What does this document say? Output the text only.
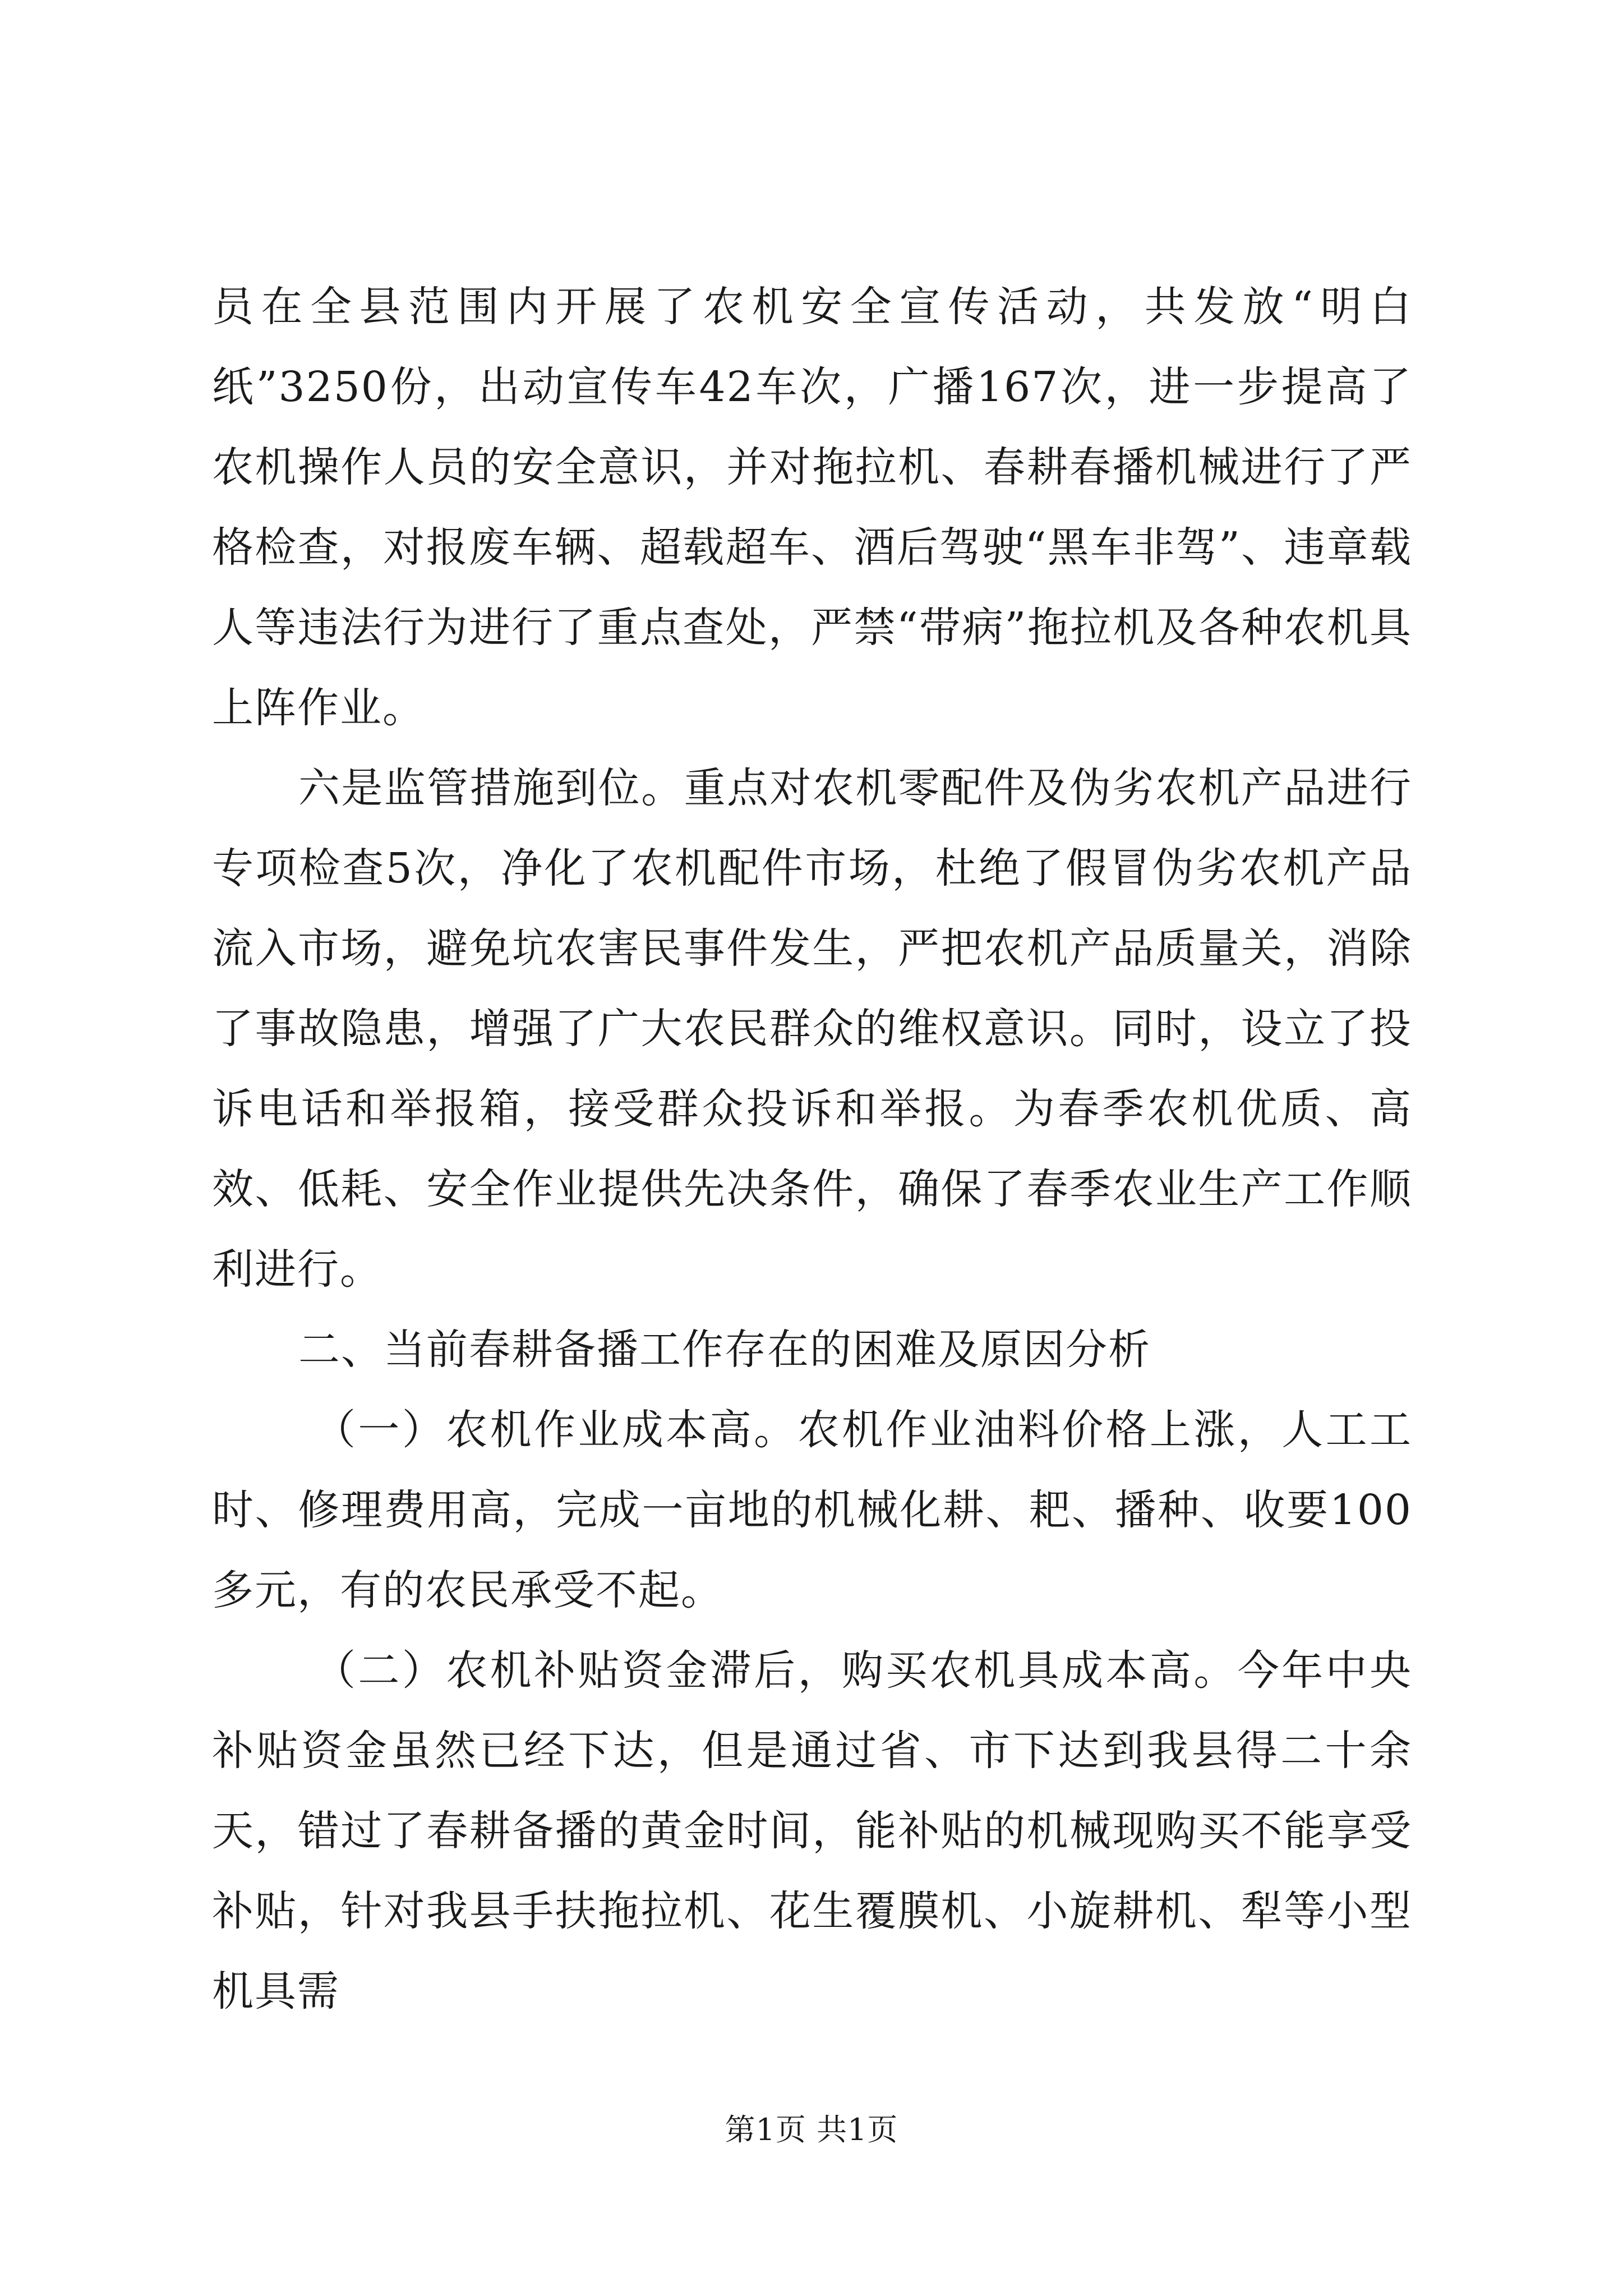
员在全县范围内开展了农机安全宣传活动，共发放“明白纸”3250份，出动宣传车42车次，广播167次，进一步提高了农机操作人员的安全意识，并对拖拉机、春耕春播机械进行了严格检查，对报废车辆、超载超车、酒后驾驶“黑车非驾”、违章载人等违法行为进行了重点查处，严禁“带病”拖拉机及各种农机具上阵作业。

六是监管措施到位。重点对农机零配件及伪劣农机产品进行专项检查5次，净化了农机配件市场，杜绝了假冒伪劣农机产品流入市场，避免坑农害民事件发生，严把农机产品质量关，消除了事故隐患，增强了广大农民群众的维权意识。同时，设立了投诉电话和举报箱，接受群众投诉和举报。为春季农机优质、高效、低耗、安全作业提供先决条件，确保了春季农业生产工作顺利进行。

二、当前春耕备播工作存在的困难及原因分析

（一）农机作业成本高。农机作业油料价格上涨，人工工时、修理费用高，完成一亩地的机械化耕、耙、播种、收要100多元，有的农民承受不起。

（二）农机补贴资金滞后，购买农机具成本高。今年中央补贴资金虽然已经下达，但是通过省、市下达到我县得二十余天，错过了春耕备播的黄金时间，能补贴的机械现购买不能享受补贴，针对我县手扶拖拉机、花生覆膜机、小旋耕机、犁等小型机具需

第1页 共1页
